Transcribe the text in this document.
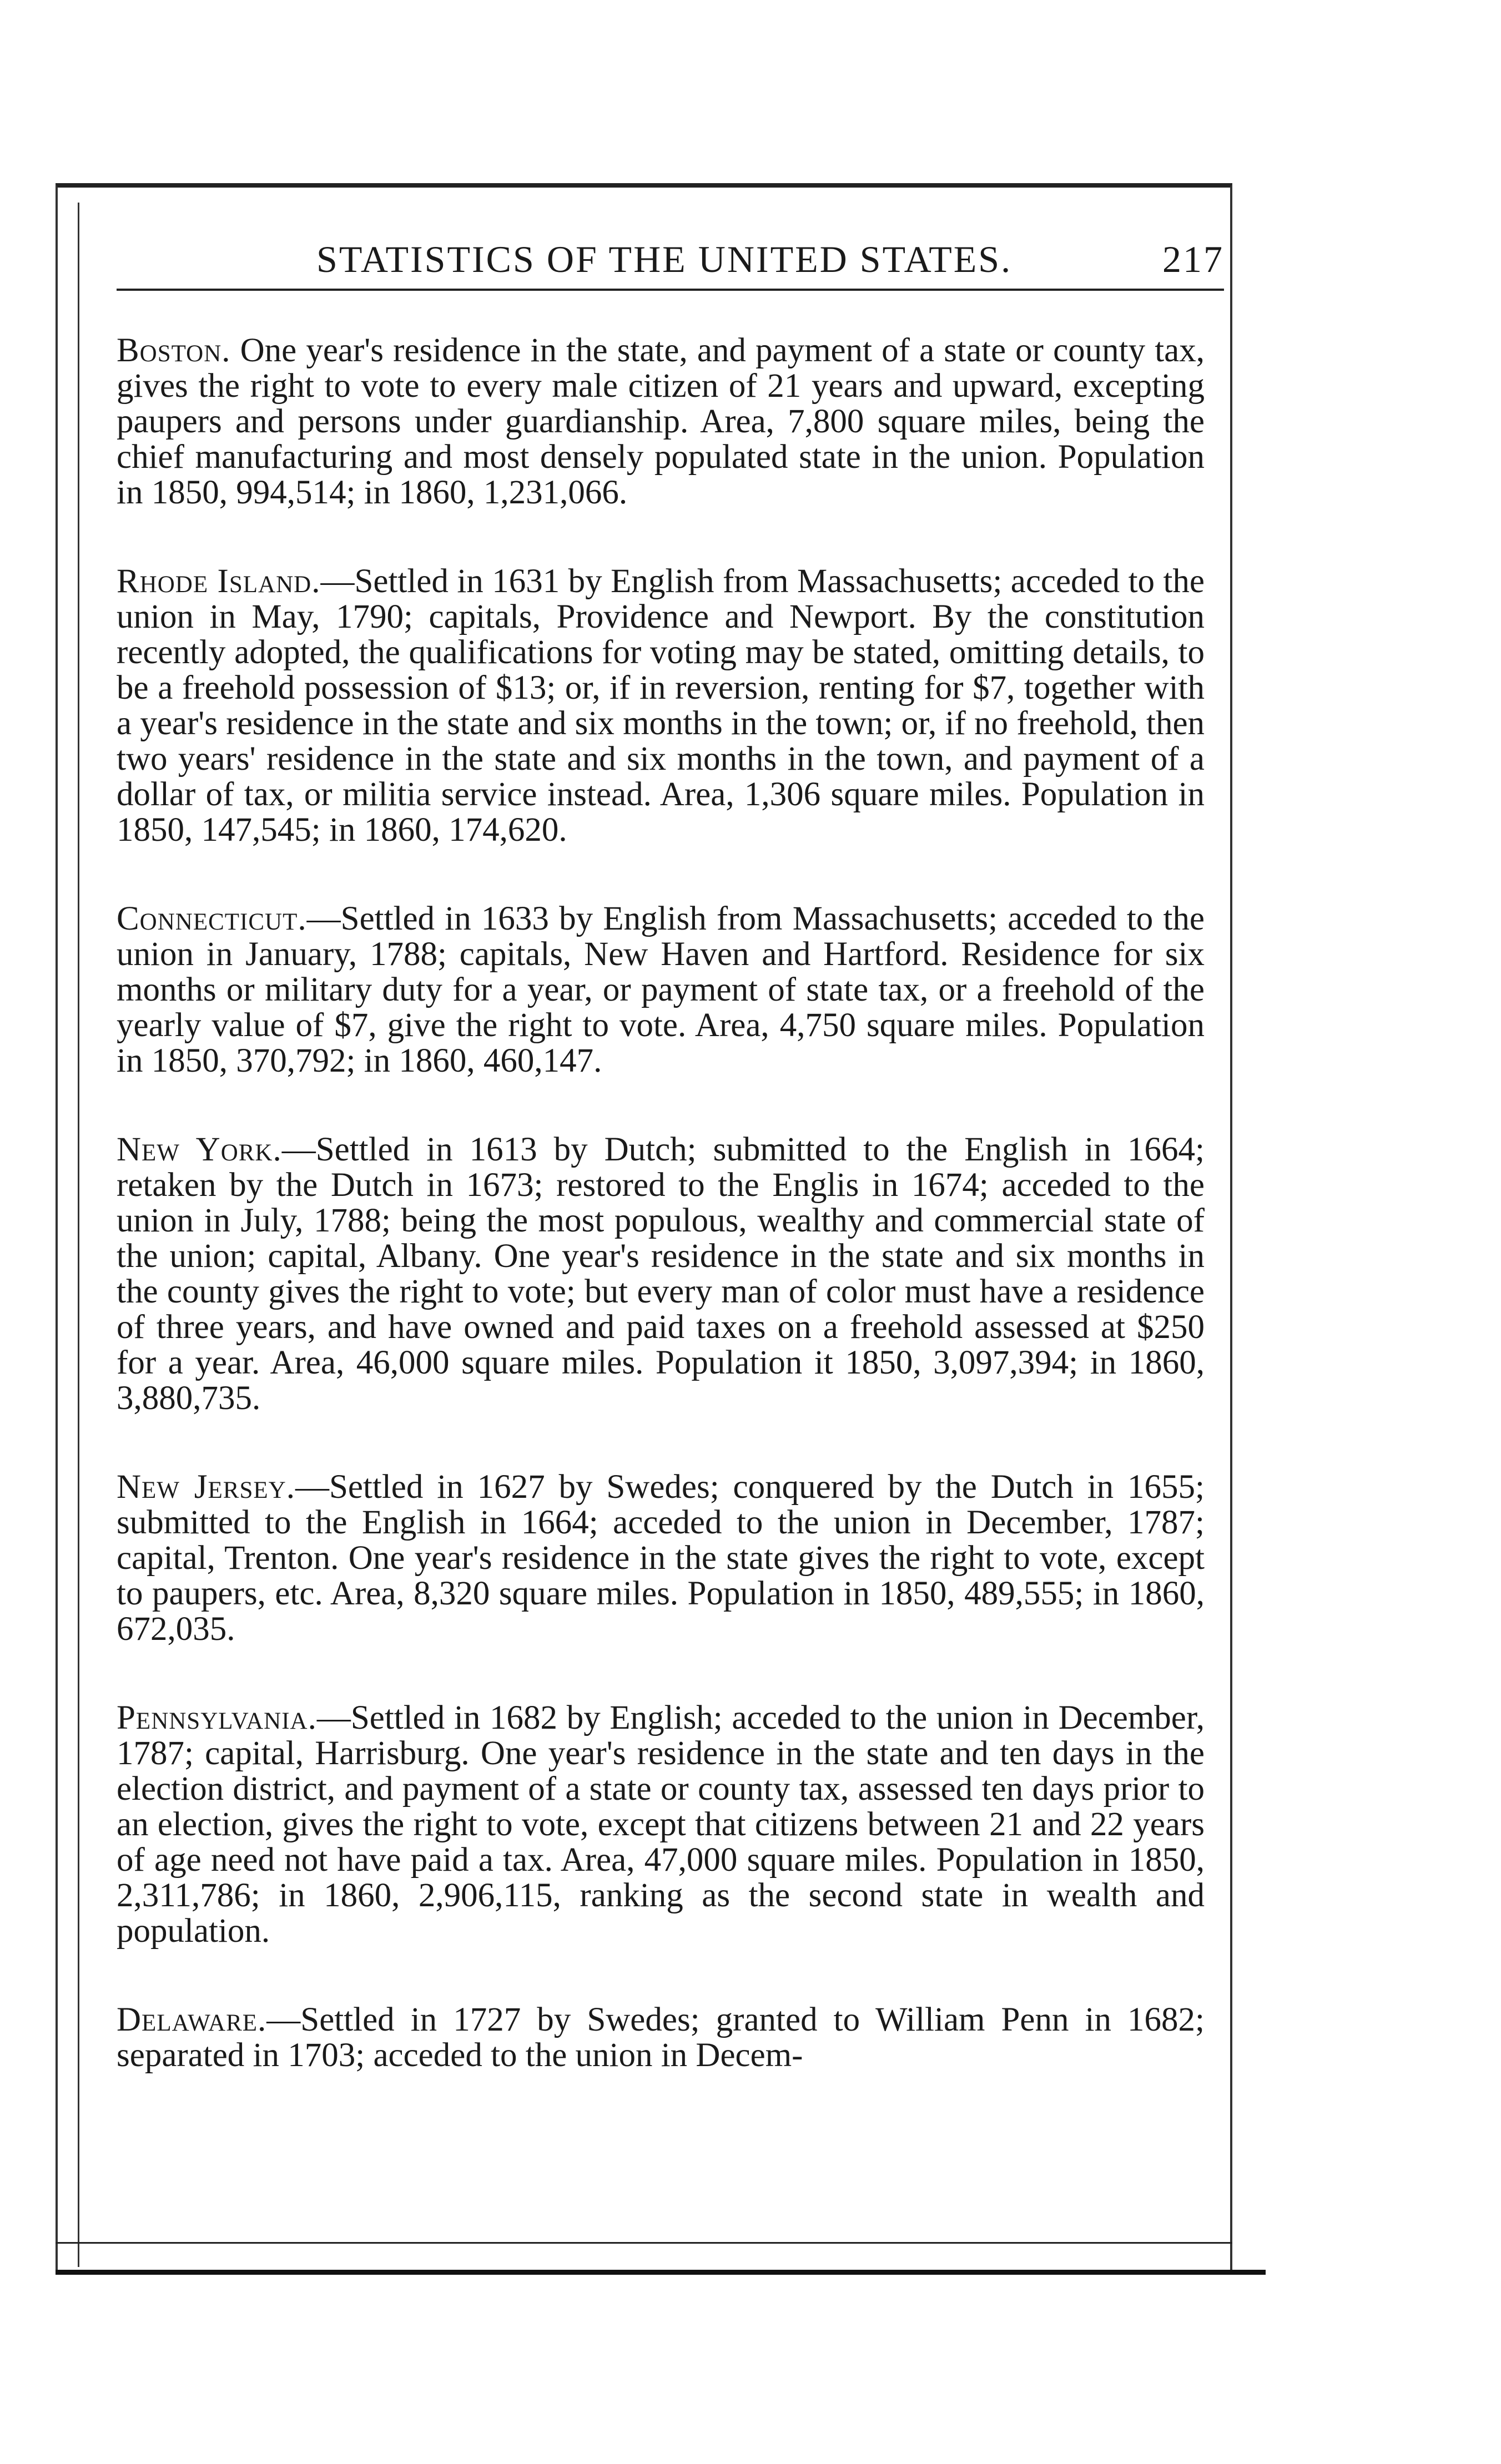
STATISTICS OF THE UNITED STATES.	217

Boston. One year's residence in the state, and payment of a state or county tax, gives the right to vote to every male citizen of 21 years and upward, excepting paupers and persons under guardianship. Area, 7,800 square miles, being the chief manufacturing and most densely populated state in the union. Population in 1850, 994,514; in 1860, 1,231,066.

Rhode Island.—Settled in 1631 by English from Massachusetts; acceded to the union in May, 1790; capitals, Providence and Newport. By the constitution recently adopted, the qualifications for voting may be stated, omitting details, to be a freehold possession of $13; or, if in reversion, renting for $7, together with a year's residence in the state and six months in the town; or, if no freehold, then two years' residence in the state and six months in the town, and payment of a dollar of tax, or militia service instead. Area, 1,306 square miles. Population in 1850, 147,545; in 1860, 174,620.

Connecticut.—Settled in 1633 by English from Massachusetts; acceded to the union in January, 1788; capitals, New Haven and Hartford. Residence for six months or military duty for a year, or payment of state tax, or a freehold of the yearly value of $7, give the right to vote. Area, 4,750 square miles. Population in 1850, 370,792; in 1860, 460,147.

New York.—Settled in 1613 by Dutch; submitted to the English in 1664; retaken by the Dutch in 1673; restored to the Englis in 1674; acceded to the union in July, 1788; being the most populous, wealthy and commercial state of the union; capital, Albany. One year's residence in the state and six months in the county gives the right to vote; but every man of color must have a residence of three years, and have owned and paid taxes on a freehold assessed at $250 for a year. Area, 46,000 square miles. Population it 1850, 3,097,394; in 1860, 3,880,735.

New Jersey.—Settled in 1627 by Swedes; conquered by the Dutch in 1655; submitted to the English in 1664; acceded to the union in December, 1787; capital, Trenton. One year's residence in the state gives the right to vote, except to paupers, etc. Area, 8,320 square miles. Population in 1850, 489,555; in 1860, 672,035.

Pennsylvania.—Settled in 1682 by English; acceded to the union in December, 1787; capital, Harrisburg. One year's residence in the state and ten days in the election district, and payment of a state or county tax, assessed ten days prior to an election, gives the right to vote, except that citizens between 21 and 22 years of age need not have paid a tax. Area, 47,000 square miles. Population in 1850, 2,311,786; in 1860, 2,906,115, ranking as the second state in wealth and population.

Delaware.—Settled in 1727 by Swedes; granted to William Penn in 1682; separated in 1703; acceded to the union in Decem-
